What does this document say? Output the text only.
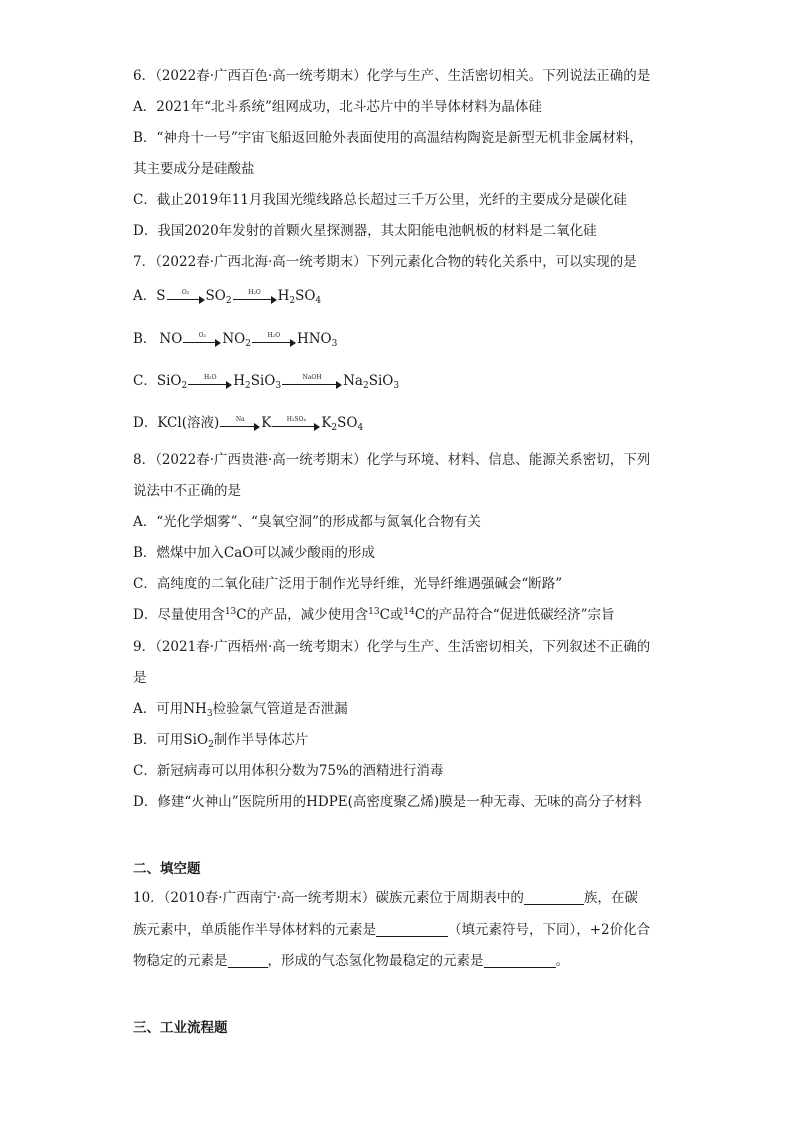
6．（2022春·广西百色·高一统考期末）化学与生产、生活密切相关。下列说法正确的是
A．2021年“北斗系统”组网成功，北斗芯片中的半导体材料为晶体硅
B．“神舟十一号”宇宙飞船返回舱外表面使用的高温结构陶瓷是新型无机非金属材料，
其主要成分是硅酸盐
C．截止2019年11月我国光缆线路总长超过三千万公里，光纤的主要成分是碳化硅
D．我国2020年发射的首颗火星探测器，其太阳能电池帆板的材料是二氧化硅
7．（2022春·广西北海·高一统考期末）下列元素化合物的转化关系中，可以实现的是
A． S	O₂ $SO_2$
H₂O $H_2SO_4$
B． NO	O₂ $NO_2$
H₂O $HNO_3$
C． SiO$_2$
H₂O $H_2SiO_3$
NaOH $Na_2SiO_3$
D． KCl(溶液)	Na K	H₂SO₄ $K_2SO_4$
8．（2022春·广西贵港·高一统考期末）化学与环境、材料、信息、能源关系密切，下列
说法中不正确的是
A．“光化学烟雾”、“臭氧空洞”的形成都与氮氧化合物有关
B．燃煤中加入CaO可以减少酸雨的形成
C．高纯度的二氧化硅广泛用于制作光导纤维，光导纤维遇强碱会“断路”
D．尽量使用含$^{13}$C的产品，减少使用含$^{13}$C或$^{14}$C的产品符合“促进低碳经济”宗旨
9．（2021春·广西梧州·高一统考期末）化学与生产、生活密切相关，下列叙述不正确的
是
A．可用$NH_3$检验氯气管道是否泄漏
B．可用SiO$_2$制作半导体芯片
C．新冠病毒可以用体积分数为75%的酒精进行消毒
D．修建“火神山”医院所用的HDPE(高密度聚乙烯)膜是一种无毒、无味的高分子材料
二、填空题
10．（2010春·广西南宁·高一统考期末）碳族元素位于周期表中的	族，在碳
族元素中，单质能作半导体材料的元素是	（填元素符号，下同），+2价化合
物稳定的元素是	，形成的气态氢化物最稳定的元素是	。
三、工业流程题
